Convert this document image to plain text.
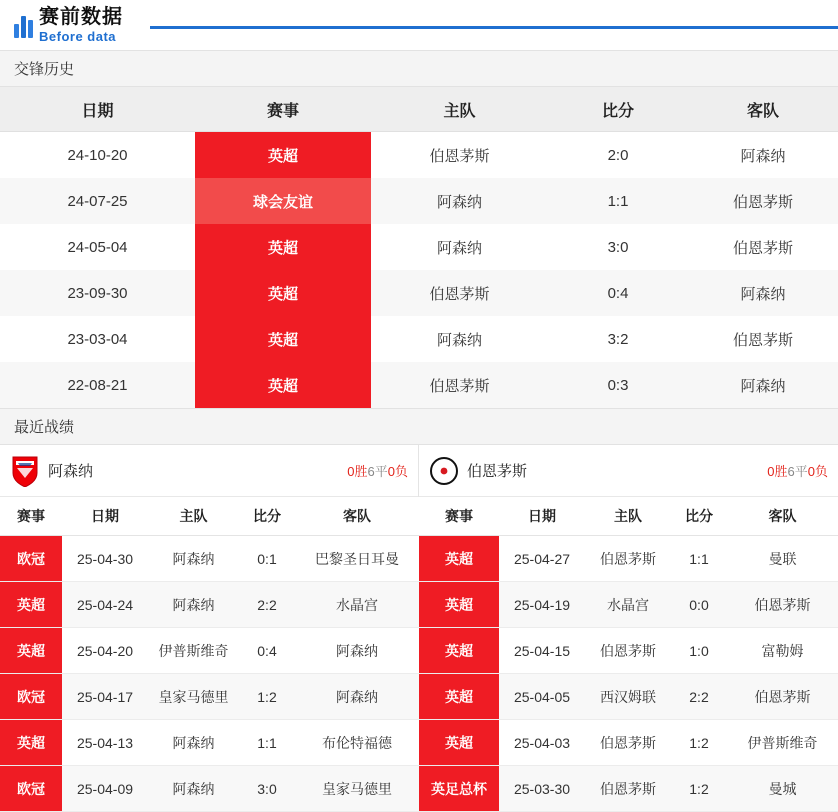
赛前数据
Before data
交锋历史
日期	赛事	主队	比分	客队
24-10-20	英超	伯恩茅斯	2:0	阿森纳
24-07-25	球会友谊	阿森纳	1:1	伯恩茅斯
24-05-04	英超	阿森纳	3:0	伯恩茅斯
23-09-30	英超	伯恩茅斯	0:4	阿森纳
23-03-04	英超	阿森纳	3:2	伯恩茅斯
22-08-21	英超	伯恩茅斯	0:3	阿森纳
最近战绩
阿森纳	0胜6平0负
赛事	日期	主队	比分	客队
欧冠	25-04-30	阿森纳	0:1	巴黎圣日耳曼
英超	25-04-24	阿森纳	2:2	水晶宫
英超	25-04-20	伊普斯维奇	0:4	阿森纳
欧冠	25-04-17	皇家马德里	1:2	阿森纳
英超	25-04-13	阿森纳	1:1	布伦特福德
欧冠	25-04-09	阿森纳	3:0	皇家马德里
伯恩茅斯	0胜6平0负
赛事	日期	主队	比分	客队
英超	25-04-27	伯恩茅斯	1:1	曼联
英超	25-04-19	水晶宫	0:0	伯恩茅斯
英超	25-04-15	伯恩茅斯	1:0	富勒姆
英超	25-04-05	西汉姆联	2:2	伯恩茅斯
英超	25-04-03	伯恩茅斯	1:2	伊普斯维奇
英足总杯	25-03-30	伯恩茅斯	1:2	曼城
